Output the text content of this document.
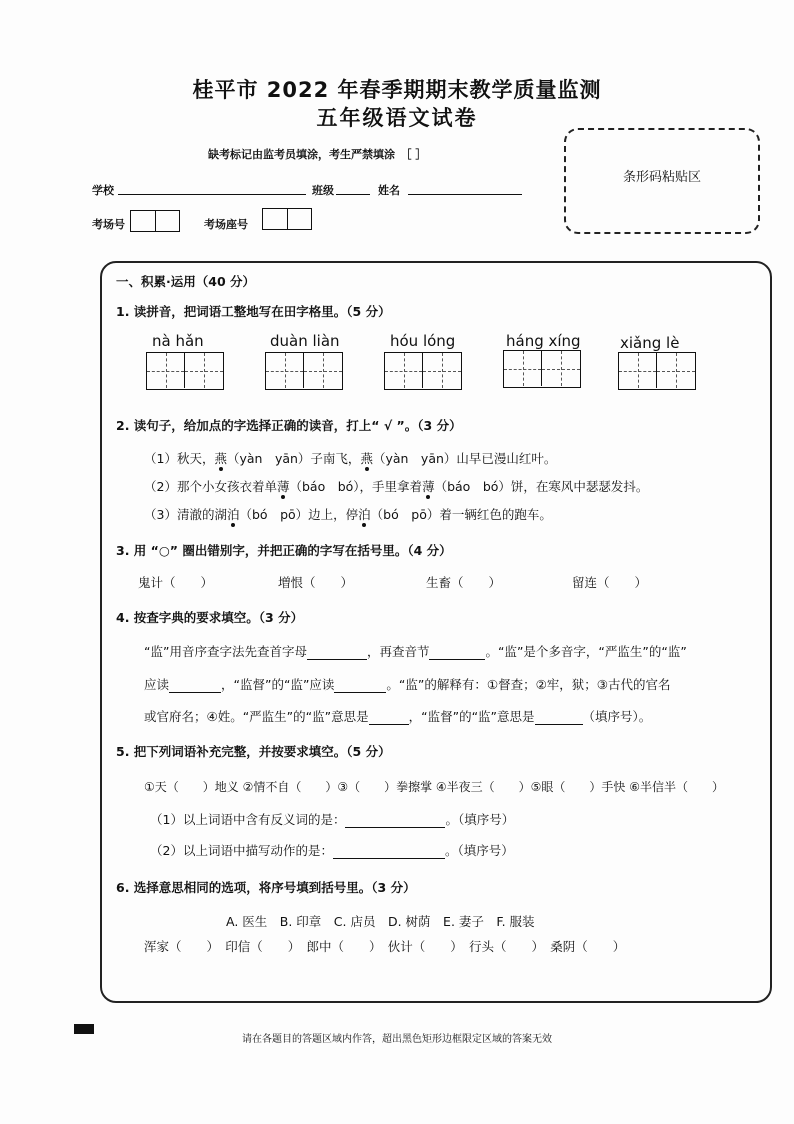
桂平市 2022 年春季期期末教学质量监测
五年级语文试卷
缺考标记由监考员填涂，考生严禁填涂　［ ］
条形码粘贴区
学校	班级	姓名
考场号	考场座号
一、积累·运用（40 分）
1. 读拼音，把词语工整地写在田字格里。（5 分）
nà hǎn	duàn liàn	hóu lóng	háng xíng	xiǎng lè
2. 读句子，给加点的字选择正确的读音，打上“ √ ”。（3 分）
（1）秋天，燕（yàn　yān）子南飞，燕（yàn　yān）山早已漫山红叶。
（2）那个小女孩衣着单薄（báo　bó），手里拿着薄（báo　bó）饼，在寒风中瑟瑟发抖。
（3）清澈的湖泊（bó　pō）边上，停泊（bó　pō）着一辆红色的跑车。
3. 用 “○” 圈出错别字，并把正确的字写在括号里。（4 分）
鬼计（　　）	増恨（　　）	生畜（　　）	留连（　　）
4. 按查字典的要求填空。（3 分）
“监”用音序查字法先查首字母	，再查音节	。“监”是个多音字，“严监生”的“监”
应读	，“监督”的“监”应读	。“监”的解释有：①督查；②牢，狱；③古代的官名
或官府名；④姓。“严监生”的“监”意思是	，“监督”的“监”意思是	（填序号）。
5. 把下列词语补充完整，并按要求填空。（5 分）
①天（　　）地义 ②情不自（　　）③（　　）拳擦掌 ④半夜三（　　）⑤眼（　　）手快 ⑥半信半（　　）
（1）以上词语中含有反义词的是：	。（填序号）
（2）以上词语中描写动作的是：	。（填序号）
6. 选择意思相同的选项，将序号填到括号里。（3 分）
A. 医生　B. 印章　C. 店员　D. 树荫　E. 妻子　F. 服装
浑家（　　）　印信（　　）　郎中（　　）　伙计（　　）　行头（　　）　桑阴（　　）
请在各题目的答题区域内作答，超出黑色矩形边框限定区域的答案无效
